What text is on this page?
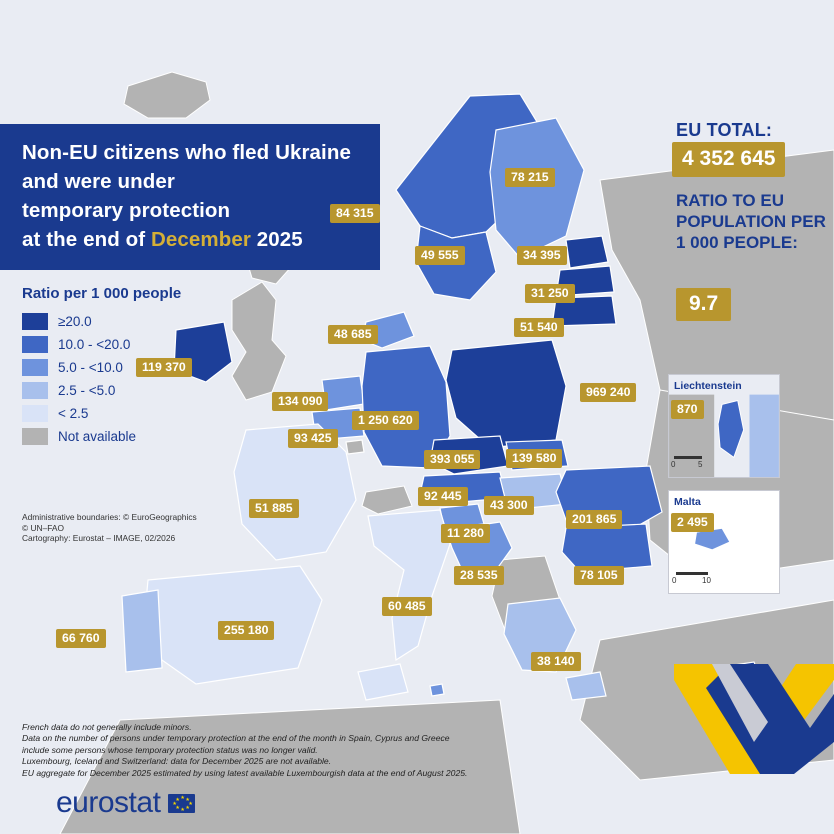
Non-EU citizens who fled Ukraine
and were under
temporary protection
at the end of December 2025
Ratio per 1 000 people
≥20.0
10.0 - <20.0
5.0 - <10.0
2.5 - <5.0
< 2.5
Not available
Administrative boundaries: © EuroGeographics
© UN–FAO
Cartography: Eurostat – IMAGE, 02/2026
EU TOTAL:
4 352 645
RATIO TO EU POPULATION PER 1 000 PEOPLE:
9.7
Liechtenstein
870
0	5
Malta
2 495
0	10
78 215
84 315
49 555	34 395
31 250
51 540
48 685
119 370
134 090
969 240
1 250 620
93 425
393 055	139 580
51 885
92 445
43 300
201 865
11 280
28 535	78 105
60 485
255 180
66 760
38 140
French data do not generally include minors.
Data on the number of persons under temporary protection at the end of the month in Spain, Cyprus and Greece
include some persons whose temporary protection status was no longer valid.
Luxembourg, Iceland and Switzerland: data for December 2025 are not available.
EU aggregate for December 2025 estimated by using latest available Luxembourgish data at the end of August 2025.
eurostat	★ ★
★
★
★
★
★
★
